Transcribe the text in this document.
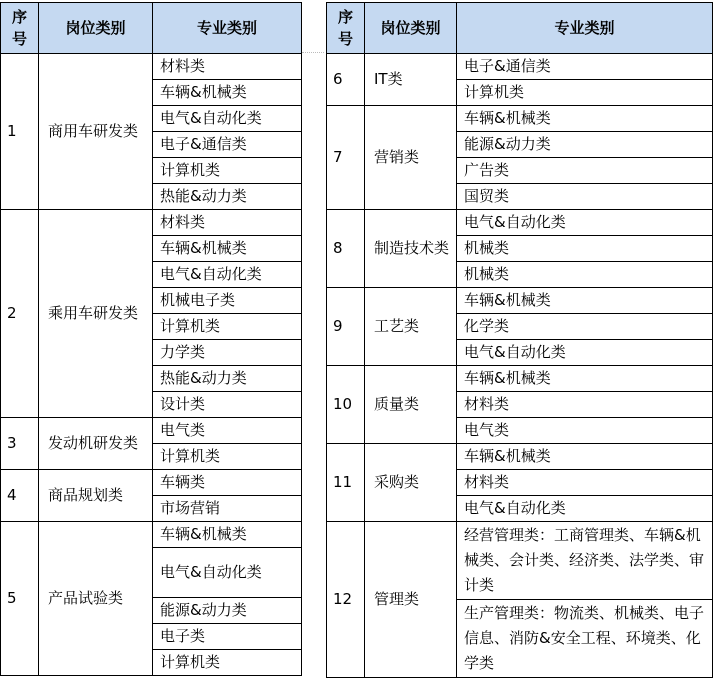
序
号	岗位类别	专业类别
1	商用车研发类	材料类
		车辆&机械类
		电气&自动化类
		电子&通信类
		计算机类
		热能&动力类
2	乘用车研发类	材料类
		车辆&机械类
		电气&自动化类
		机械电子类
		计算机类
		力学类
		热能&动力类
		设计类
3	发动机研发类	电气类
		计算机类
4	商品规划类	车辆类
		市场营销
5	产品试验类	车辆&机械类
		电气&自动化类
		能源&动力类
		电子类
		计算机类
序
号	岗位类别	专业类别
6	IT类	电子&通信类
		计算机类
7	营销类	车辆&机械类
		能源&动力类
		广告类
		国贸类
8	制造技术类	电气&自动化类
		机械类
		机械类
9	工艺类	车辆&机械类
		化学类
		电气&自动化类
10	质量类	车辆&机械类
		材料类
		电气类
11	采购类	车辆&机械类
		材料类
		电气&自动化类
12	管理类	经营管理类：工商管理类、车辆&机械类、会计类、经济类、法学类、审计类
		生产管理类：物流类、机械类、电子信息、消防&安全工程、环境类、化学类
